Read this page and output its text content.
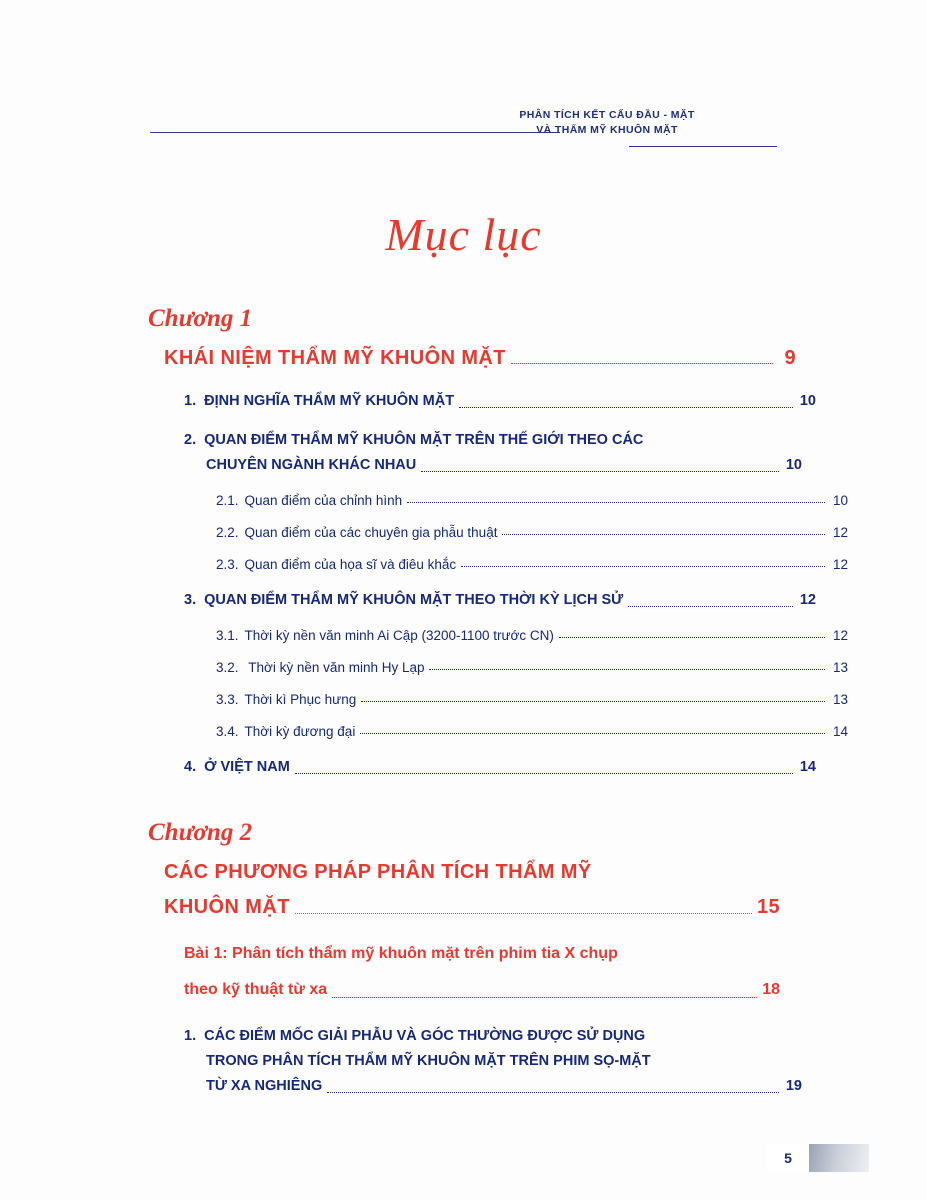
PHÂN TÍCH KẾT CẤU ĐẦU - MẶT
VÀ THẨM MỸ KHUÔN MẶT
Mục lục
Chương 1
KHÁI NIỆM THẨM MỸ KHUÔN MẶT	9
1. ĐỊNH NGHĨA THẨM MỸ KHUÔN MẶT	10
2. QUAN ĐIỂM THẨM MỸ KHUÔN MẶT TRÊN THẾ GIỚI THEO CÁC
CHUYÊN NGÀNH KHÁC NHAU	10
2.1. Quan điểm của chỉnh hình	10
2.2. Quan điểm của các chuyên gia phẫu thuật	12
2.3. Quan điểm của họa sĩ và điêu khắc	12
3. QUAN ĐIỂM THẨM MỸ KHUÔN MẶT THEO THỜI KỲ LỊCH SỬ	12
3.1. Thời kỳ nền văn minh Ai Cập (3200-1100 trước CN)	12
3.2. Thời kỳ nền văn minh Hy Lạp	13
3.3. Thời kì Phục hưng	13
3.4. Thời kỳ đương đại	14
4. Ở VIỆT NAM	14
Chương 2
CÁC PHƯƠNG PHÁP PHÂN TÍCH THẨM MỸ
KHUÔN MẶT	15
Bài 1: Phân tích thẩm mỹ khuôn mặt trên phim tia X chụp
theo kỹ thuật từ xa	18
1. CÁC ĐIỂM MỐC GIẢI PHẪU VÀ GÓC THƯỜNG ĐƯỢC SỬ DỤNG
TRONG PHÂN TÍCH THẨM MỸ KHUÔN MẶT TRÊN PHIM SỌ-MẶT
TỪ XA NGHIÊNG	19
5
